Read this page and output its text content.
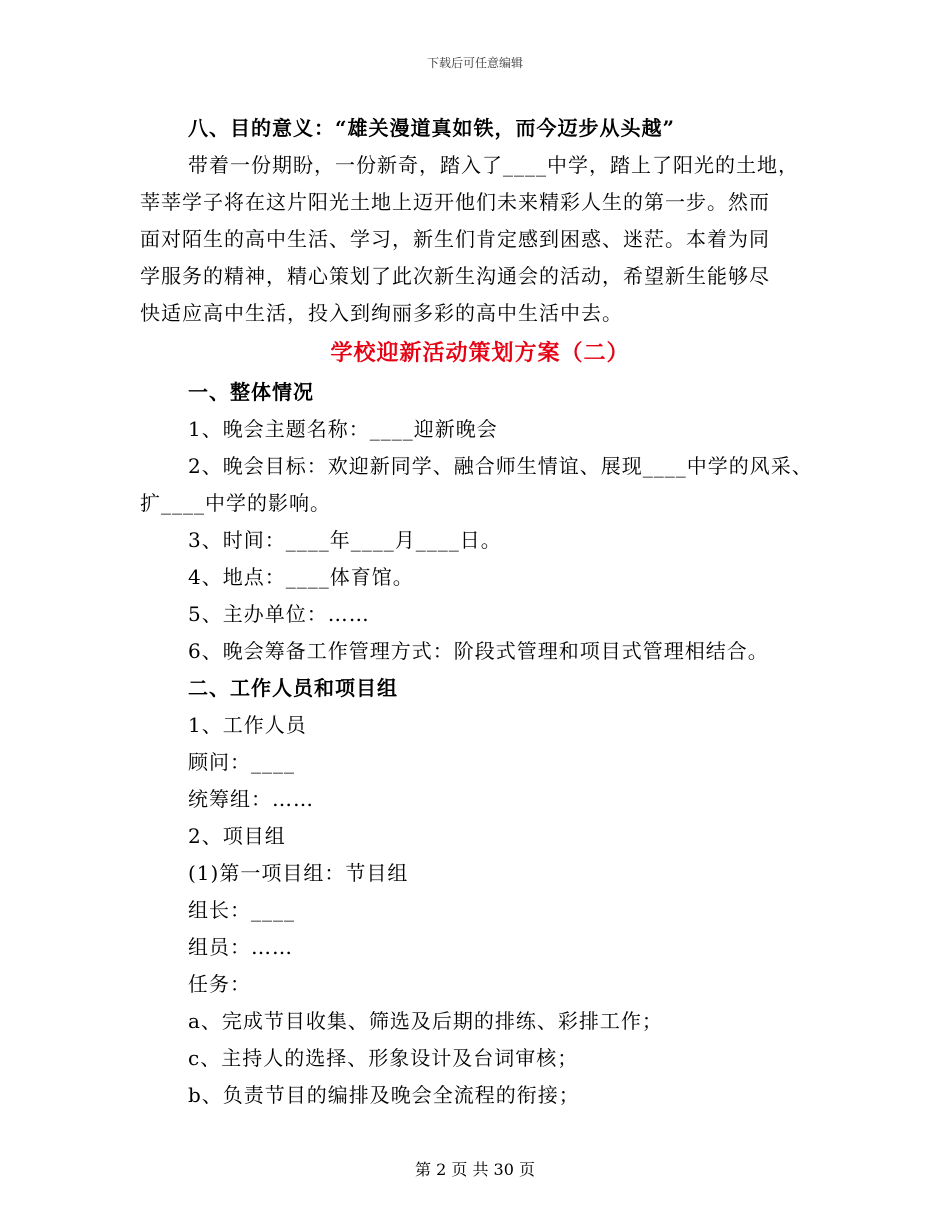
下载后可任意编辑
八、目的意义：“雄关漫道真如铁，而今迈步从头越”
带着一份期盼，一份新奇，踏入了____中学，踏上了阳光的土地，
莘莘学子将在这片阳光土地上迈开他们未来精彩人生的第一步。然而
面对陌生的高中生活、学习，新生们肯定感到困惑、迷茫。本着为同
学服务的精神，精心策划了此次新生沟通会的活动，希望新生能够尽
快适应高中生活，投入到绚丽多彩的高中生活中去。
学校迎新活动策划方案（二）
一、整体情况
1、晚会主题名称：____迎新晚会
2、晚会目标：欢迎新同学、融合师生情谊、展现____中学的风采、
扩____中学的影响。
3、时间：____年____月____日。
4、地点：____体育馆。
5、主办单位：……
6、晚会筹备工作管理方式：阶段式管理和项目式管理相结合。
二、工作人员和项目组
1、工作人员
顾问：____
统筹组：……
2、项目组
(1)第一项目组：节目组
组长：____
组员：……
任务：
a、完成节目收集、筛选及后期的排练、彩排工作；
c、主持人的选择、形象设计及台词审核；
b、负责节目的编排及晚会全流程的衔接；
第 2 页 共 30 页
